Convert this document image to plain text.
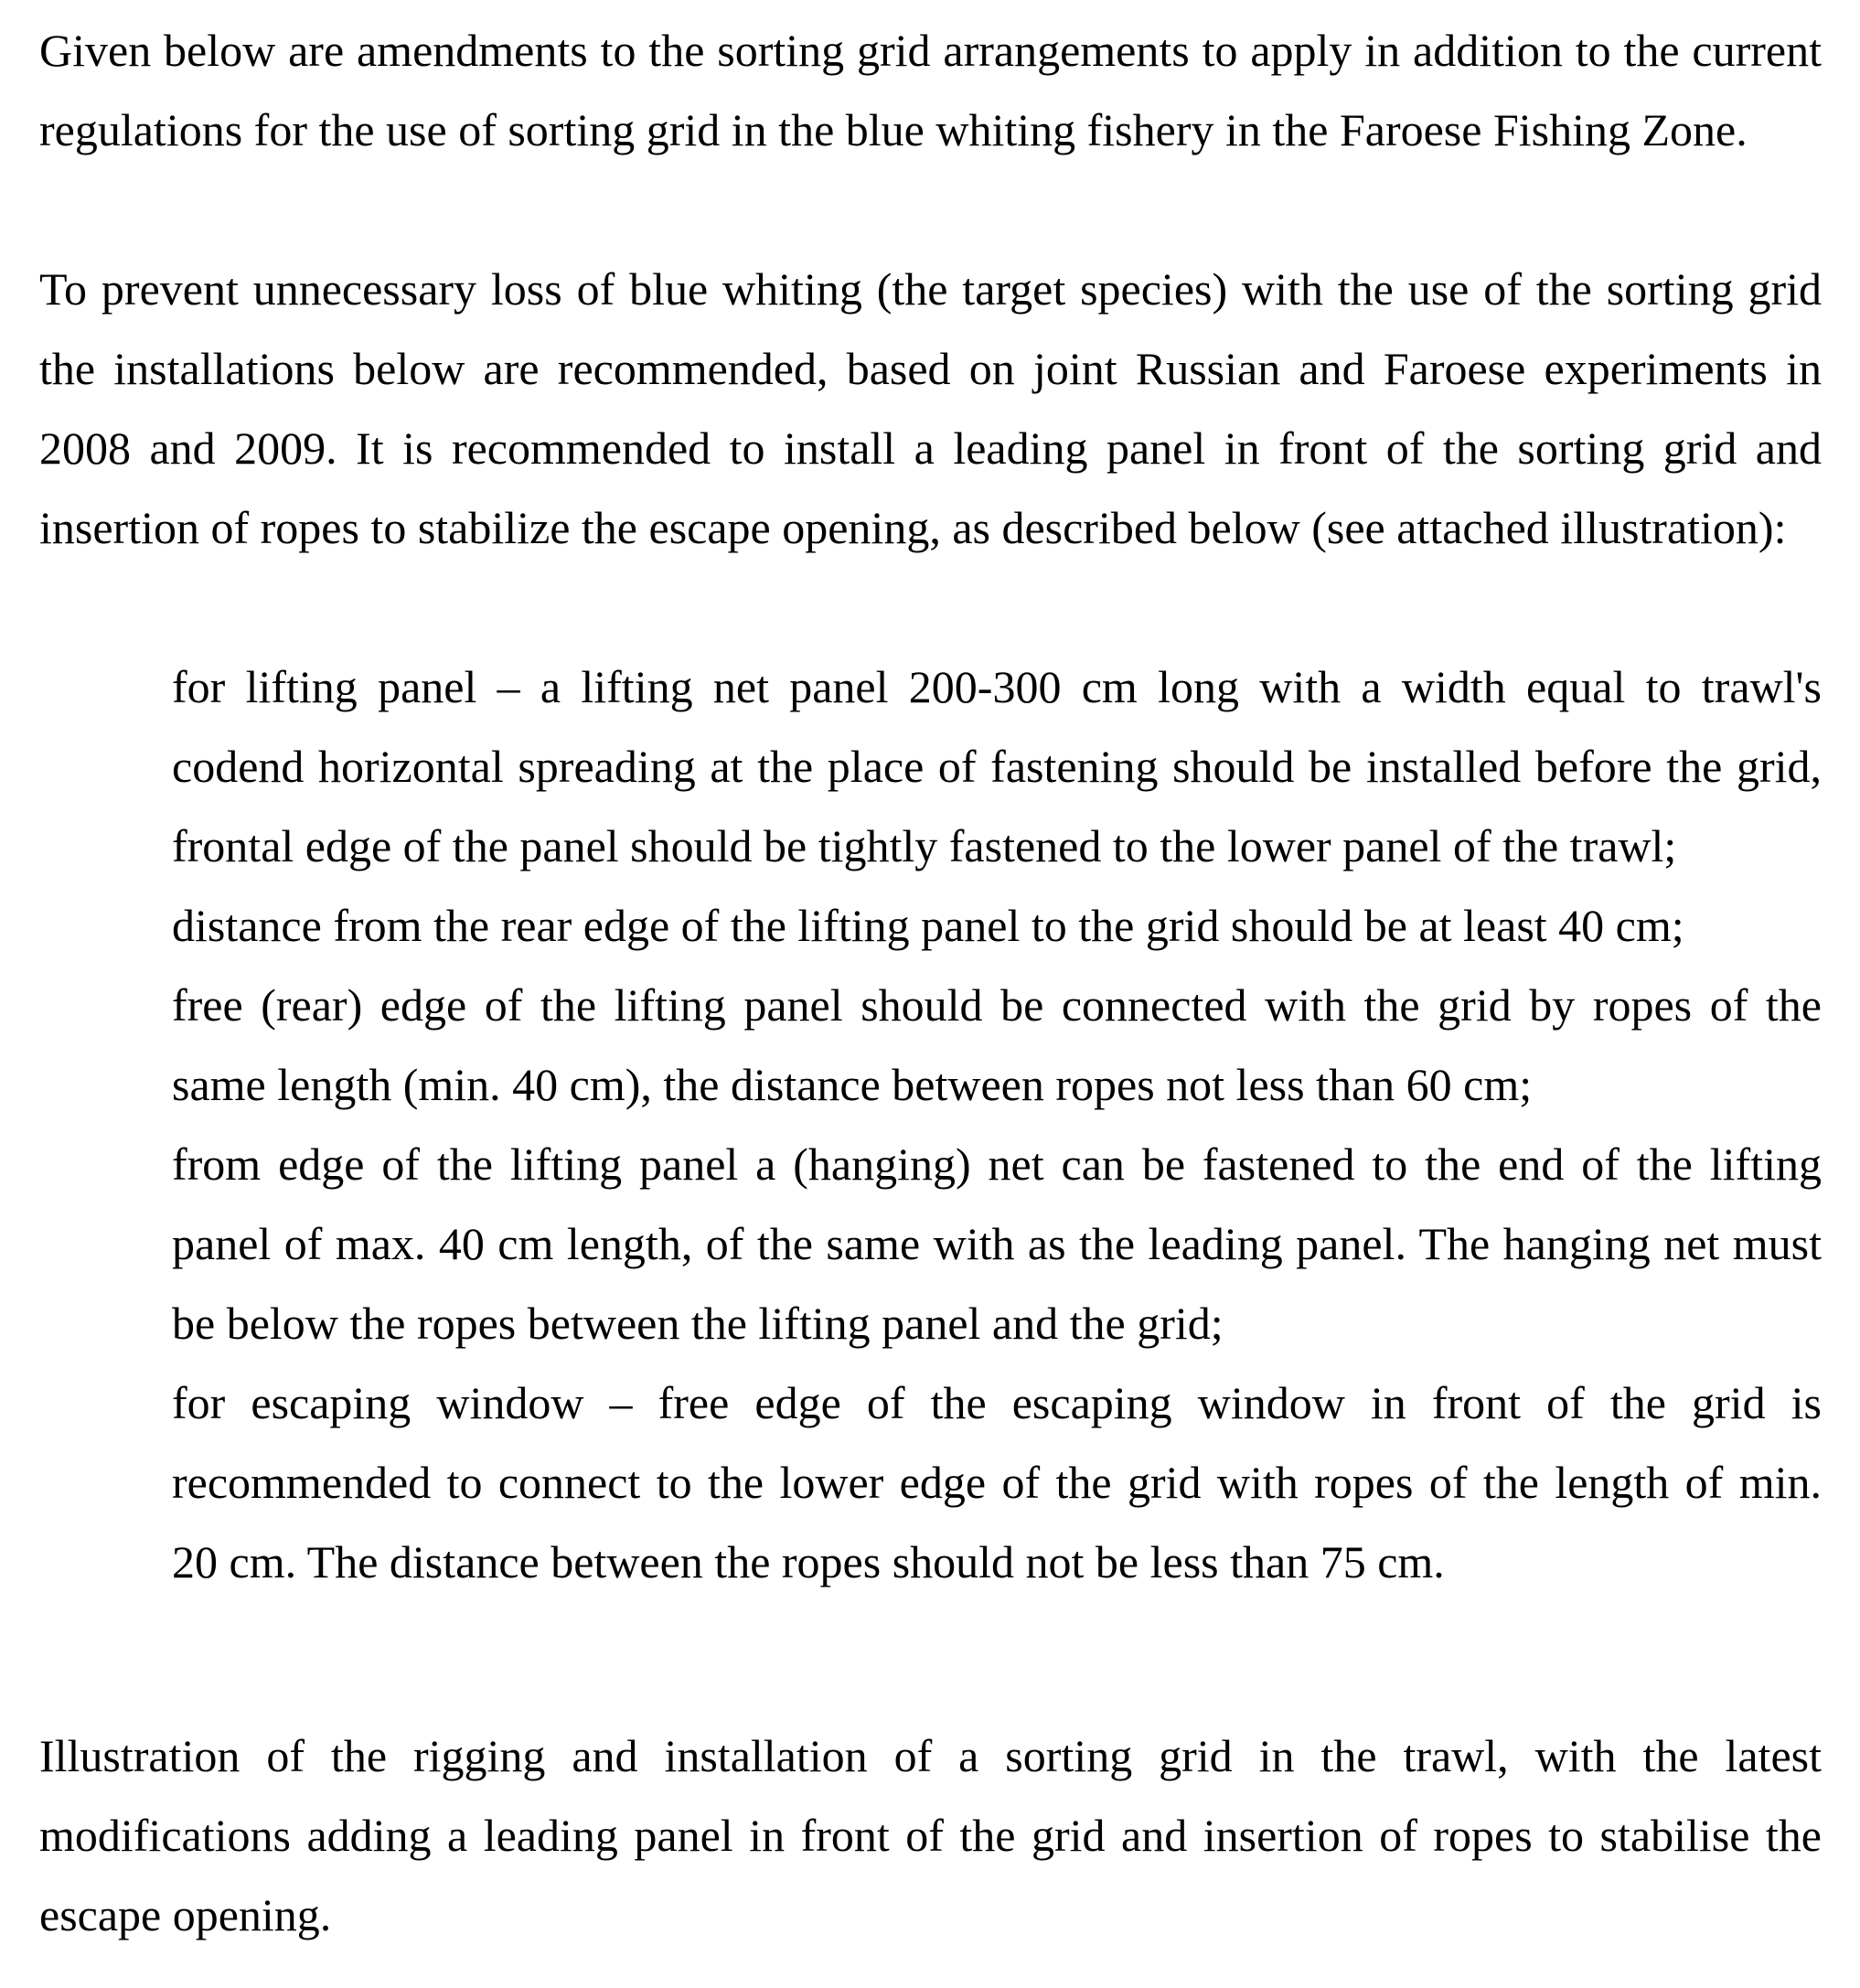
Given below are amendments to the sorting grid arrangements to apply in addition to the current
regulations for the use of sorting grid in the blue whiting fishery in the Faroese Fishing Zone.
To prevent unnecessary loss of blue whiting (the target species) with the use of the sorting grid
the installations below are recommended, based on joint Russian and Faroese experiments in
2008 and 2009. It is recommended to install a leading panel in front of the sorting grid and
insertion of ropes to stabilize the escape opening, as described below (see attached illustration):
for lifting panel – a lifting net panel 200-300 cm long with a width equal to trawl's
codend horizontal spreading at the place of fastening should be installed before the grid,
frontal edge of the panel should be tightly fastened to the lower panel of the trawl;
distance from the rear edge of the lifting panel to the grid should be at least 40 cm;
free (rear) edge of the lifting panel should be connected with the grid by ropes of the
same length (min. 40 cm), the distance between ropes not less than 60 cm;
from edge of the lifting panel a (hanging) net can be fastened to the end of the lifting
panel of max. 40 cm length, of the same with as the leading panel. The hanging net must
be below the ropes between the lifting panel and the grid;
for escaping window – free edge of the escaping window in front of the grid is
recommended to connect to the lower edge of the grid with ropes of the length of min.
20 cm. The distance between the ropes should not be less than 75 cm.
Illustration of the rigging and installation of a sorting grid in the trawl, with the latest
modifications adding a leading panel in front of the grid and insertion of ropes to stabilise the
escape opening.
